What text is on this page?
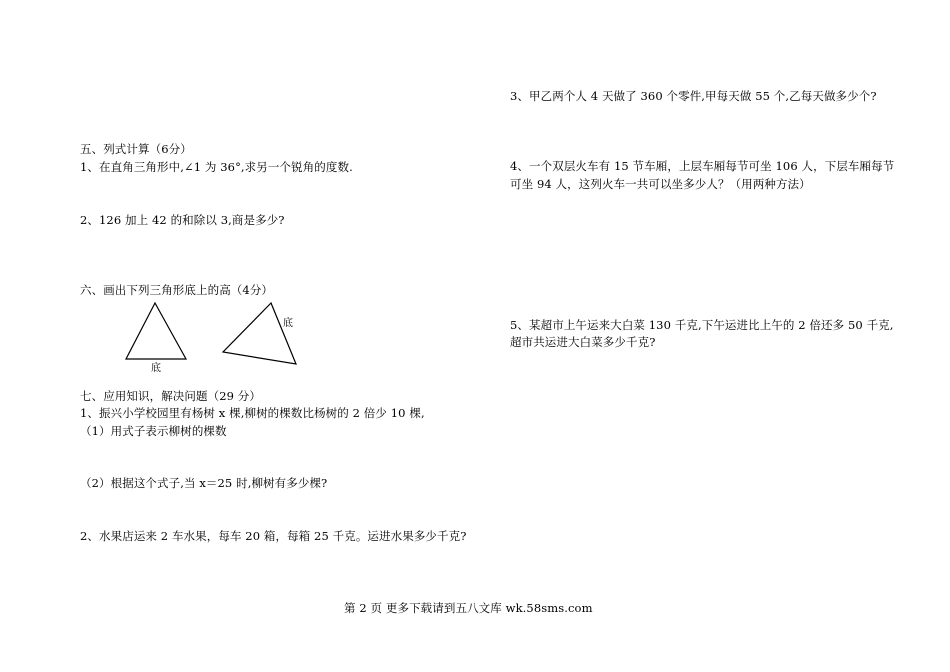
五、列式计算（6分）
1、在直角三角形中,∠1 为 36°,求另一个锐角的度数.
2、126 加上 42 的和除以 3,商是多少?
六、画出下列三角形底上的高（4分）
底
底
七、应用知识，解决问题（29 分）
1、振兴小学校园里有杨树 x 棵,柳树的棵数比杨树的 2 倍少 10 棵,
（1）用式子表示柳树的棵数
（2）根据这个式子,当 x＝25 时,柳树有多少棵?
2、水果店运来 2 车水果，每车 20 箱，每箱 25 千克。运进水果多少千克?
3、甲乙两个人 4 天做了 360 个零件,甲每天做 55 个,乙每天做多少个?
4、一个双层火车有 15 节车厢，上层车厢每节可坐 106 人，下层车厢每节
可坐 94 人，这列火车一共可以坐多少人？（用两种方法）
5、某超市上午运来大白菜 130 千克,下午运进比上午的 2 倍还多 50 千克,
超市共运进大白菜多少千克?
第 2 页 更多下载请到五八文库 wk.58sms.com
